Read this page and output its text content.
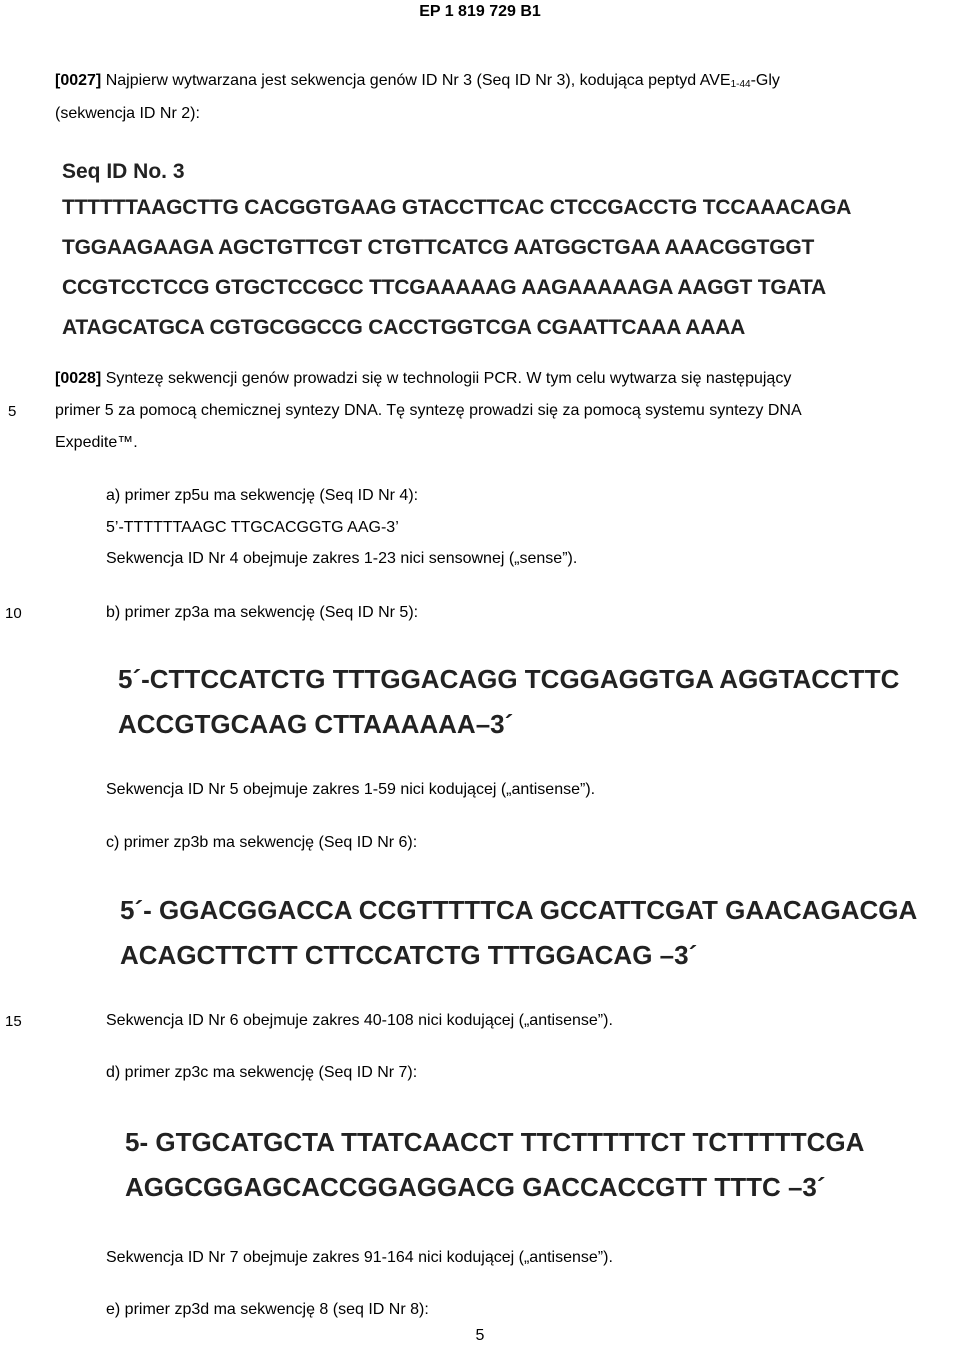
EP 1 819 729 B1
[0027] Najpierw wytwarzana jest sekwencja genów ID Nr 3 (Seq ID Nr 3), kodująca peptyd $AVE_{1-44}$-Gly
(sekwencja ID Nr 2):
Seq ID No. 3
TTTTTTAAGCTTG CACGGTGAAG GTACCTTCAC CTCCGACCTG TCCAAACAGA
TGGAAGAAGA AGCTGTTCGT CTGTTCATCG AATGGCTGAA AAACGGTGGT
CCGTCCTCCG GTGCTCCGCC TTCGAAAAAG AAGAAAAAGA AAGGT TGATA
ATAGCATGCA CGTGCGGCCG CACCTGGTCGA CGAATTCAAA AAAA
[0028] Syntezę sekwencji genów prowadzi się w technologii PCR. W tym celu wytwarza się następujący
5 primer 5 za pomocą chemicznej syntezy DNA. Tę syntezę prowadzi się za pomocą systemu syntezy DNA
Expedite™.
a) primer zp5u ma sekwencję (Seq ID Nr 4):
5’-TTTTTTAAGC TTGCACGGTG AAG-3’
Sekwencja ID Nr 4 obejmuje zakres 1-23 nici sensownej („sense”).
10	b) primer zp3a ma sekwencję (Seq ID Nr 5):
5´-CTTCCATCTG TTTGGACAGG TCGGAGGTGA AGGTACCTTC
ACCGTGCAAG CTTAAAAAA–3´
Sekwencja ID Nr 5 obejmuje zakres 1-59 nici kodującej („antisense”).
c) primer zp3b ma sekwencję (Seq ID Nr 6):
5´- GGACGGACCA CCGTTTTTCA GCCATTCGAT GAACAGACGA
ACAGCTTCTT CTTCCATCTG TTTGGACAG –3´
15	Sekwencja ID Nr 6 obejmuje zakres 40-108 nici kodującej („antisense”).
d) primer zp3c ma sekwencję (Seq ID Nr 7):
5- GTGCATGCTA TTATCAACCT TTCTTTTTCT TCTTTTTCGA
AGGCGGAGCACCGGAGGACG GACCACCGTT TTTC –3´
Sekwencja ID Nr 7 obejmuje zakres 91-164 nici kodującej („antisense”).
e) primer zp3d ma sekwencję 8 (seq ID Nr 8):
5
